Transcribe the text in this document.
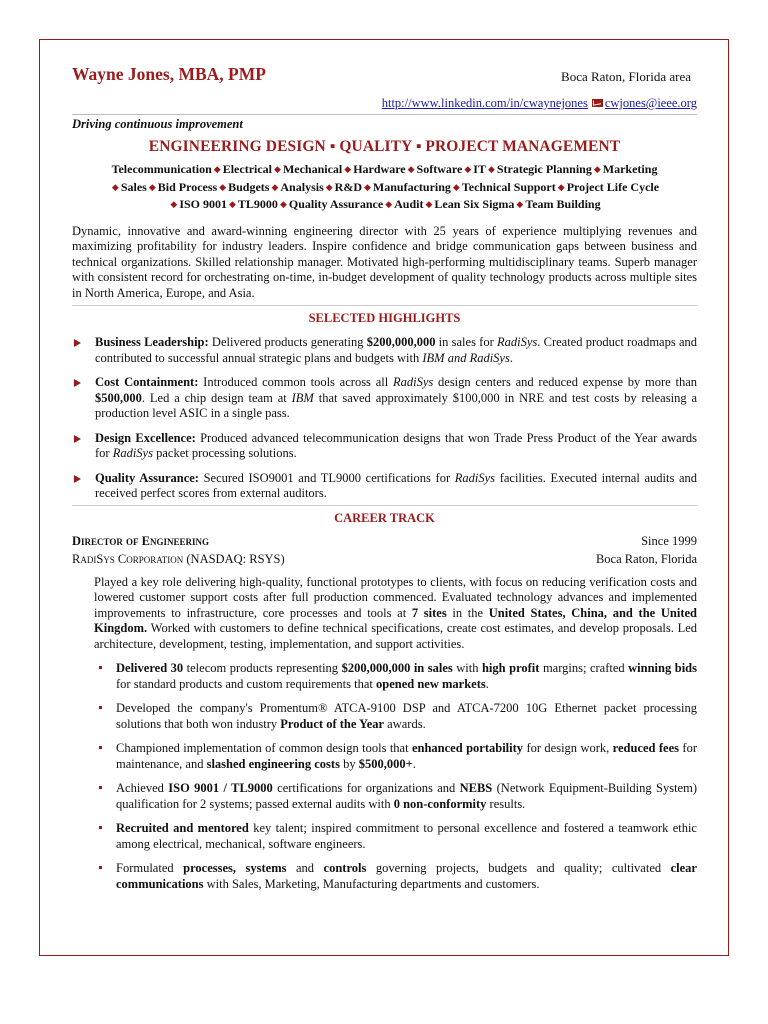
Wayne Jones, MBA, PMP	Boca Raton, Florida area
http://www.linkedin.com/in/cwaynejones cwjones@ieee.org
Driving continuous improvement
ENGINEERING DESIGN ▪ QUALITY ▪ PROJECT MANAGEMENT
Telecommunication ◆ Electrical ◆ Mechanical ◆ Hardware ◆ Software ◆ IT ◆ Strategic Planning ◆ Marketing
◆ Sales ◆ Bid Process ◆ Budgets ◆ Analysis ◆ R&D ◆ Manufacturing ◆ Technical Support ◆ Project Life Cycle
◆ ISO 9001 ◆ TL9000 ◆ Quality Assurance ◆ Audit ◆ Lean Six Sigma ◆ Team Building
Dynamic, innovative and award-winning engineering director with 25 years of experience multiplying revenues and maximizing profitability for industry leaders. Inspire confidence and bridge communication gaps between business and technical organizations. Skilled relationship manager. Motivated high-performing multidisciplinary teams. Superb manager with consistent record for orchestrating on-time, in-budget development of quality technology products across multiple sites in North America, Europe, and Asia.
SELECTED HIGHLIGHTS
Business Leadership: Delivered products generating $200,000,000 in sales for RadiSys. Created product roadmaps and contributed to successful annual strategic plans and budgets with IBM and RadiSys.
Cost Containment: Introduced common tools across all RadiSys design centers and reduced expense by more than $500,000. Led a chip design team at IBM that saved approximately $100,000 in NRE and test costs by releasing a production level ASIC in a single pass.
Design Excellence: Produced advanced telecommunication designs that won Trade Press Product of the Year awards for RadiSys packet processing solutions.
Quality Assurance: Secured ISO9001 and TL9000 certifications for RadiSys facilities. Executed internal audits and received perfect scores from external auditors.
CAREER TRACK
Director of Engineering	Since 1999
RadiSys Corporation (NASDAQ: RSYS)	Boca Raton, Florida
Played a key role delivering high-quality, functional prototypes to clients, with focus on reducing verification costs and lowered customer support costs after full production commenced. Evaluated technology advances and implemented improvements to infrastructure, core processes and tools at 7 sites in the United States, China, and the United Kingdom. Worked with customers to define technical specifications, create cost estimates, and develop proposals. Led architecture, development, testing, implementation, and support activities.
Delivered 30 telecom products representing $200,000,000 in sales with high profit margins; crafted winning bids for standard products and custom requirements that opened new markets.
Developed the company's Promentum® ATCA-9100 DSP and ATCA-7200 10G Ethernet packet processing solutions that both won industry Product of the Year awards.
Championed implementation of common design tools that enhanced portability for design work, reduced fees for maintenance, and slashed engineering costs by $500,000+.
Achieved ISO 9001 / TL9000 certifications for organizations and NEBS (Network Equipment-Building System) qualification for 2 systems; passed external audits with 0 non-conformity results.
Recruited and mentored key talent; inspired commitment to personal excellence and fostered a teamwork ethic among electrical, mechanical, software engineers.
Formulated processes, systems and controls governing projects, budgets and quality; cultivated clear communications with Sales, Marketing, Manufacturing departments and customers.
